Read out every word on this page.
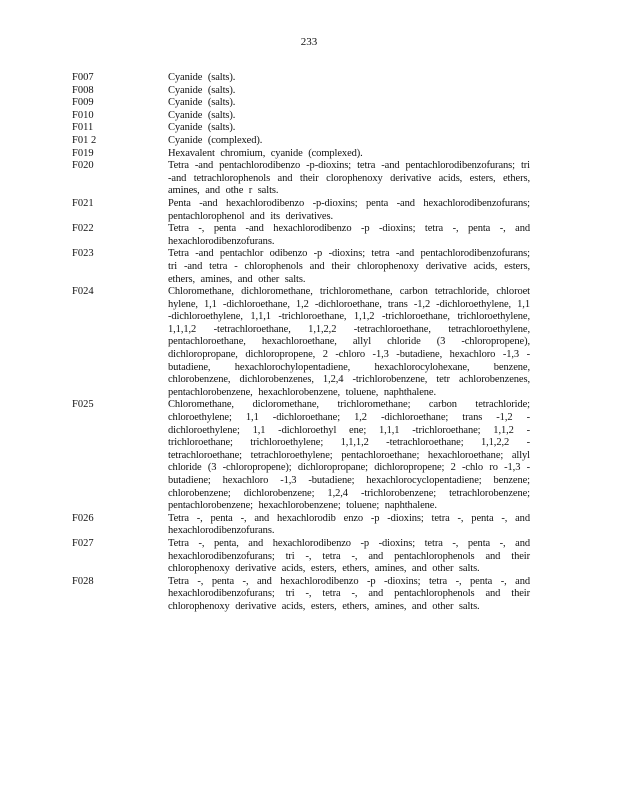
233
F007	Cyanide (salts).
F008	Cyanide (salts).
F009	Cyanide (salts).
F010	Cyanide (salts).
F011	Cyanide (salts).
F01 2	Cyanide (complexed).
F019	Hexavalent chromium, cyanide (complexed).
F020	Tetra -and pentachlorodibenzo -p-dioxins; tetra -and pentachlorodibenzofurans; tri -and tetrachlorophenols and their clorophenoxy derivative acids, esters, ethers, amines, and othe r salts.
F021	Penta -and hexachlorodibenzo -p-dioxins; penta -and hexachlorodibenzofurans; pentachlorophenol and its derivatives.
F022	Tetra -, penta -and hexachlorodibenzo -p -dioxins; tetra -, penta -, and hexachlorodibenzofurans.
F023	Tetra -and pentachlor odibenzo -p -dioxins; tetra -and pentachlorodibenzofurans; tri -and tetra - chlorophenols and their chlorophenoxy derivative acids, esters, ethers, amines, and other salts.
F024	Chloromethane, dichloromethane, trichloromethane, carbon tetrachloride, chloroet hylene, 1,1 -dichloroethane, 1,2 -dichloroethane, trans -1,2 -dichloroethylene, 1,1 -dichloroethylene, 1,1,1 -trichloroethane, 1,1,2 -trichloroethane, trichloroethylene, 1,1,1,2 -tetrachloroethane, 1,1,2,2 -tetrachloroethane, tetrachloroethylene, pentachloroethane, hexachloroethane, allyl chloride (3 -chloropropene), dichloropropane, dichloropropene, 2 -chloro -1,3 -butadiene, hexachloro -1,3 -butadiene, hexachlorochylopentadiene, hexachlorocylohexane, benzene, chlorobenzene, dichlorobenzenes, 1,2,4 -trichlorobenzene, tetr achlorobenzenes, pentachlorobenzene, hexachlorobenzene, toluene, naphthalene.
F025	Chloromethane, dicloromethane, trichloromethane; carbon tetrachloride; chloroethylene; 1,1 -dichloroethane; 1,2 -dichloroethane; trans -1,2 -dichloroethylene; 1,1 -dichloroethyl ene; 1,1,1 -trichloroethane; 1,1,2 -trichloroethane; trichloroethylene; 1,1,1,2 -tetrachloroethane; 1,1,2,2 -tetrachloroethane; tetrachloroethylene; pentachloroethane; hexachloroethane; allyl chloride (3 -chloropropene); dichloropropane; dichloropropene; 2 -chlo ro -1,3 -butadiene; hexachloro -1,3 -butadiene; hexachlorocyclopentadiene; benzene; chlorobenzene; dichlorobenzene; 1,2,4 -trichlorobenzene; tetrachlorobenzene; pentachlorobenzene; hexachlorobenzene; toluene; naphthalene.
F026	Tetra -, penta -, and hexachlorodib enzo -p -dioxins; tetra -, penta -, and hexachlorodibenzofurans.
F027	Tetra -, penta, and hexachlorodibenzo -p -dioxins; tetra -, penta -, and hexachlorodibenzofurans; tri -, tetra -, and pentachlorophenols and their chlorophenoxy derivative acids, esters, ethers, amines, and other salts.
F028	Tetra -, penta -, and hexachlorodibenzo -p -dioxins; tetra -, penta -, and hexachlorodibenzofurans; tri -, tetra -, and pentachlorophenols and their chlorophenoxy derivative acids, esters, ethers, amines, and other salts.
